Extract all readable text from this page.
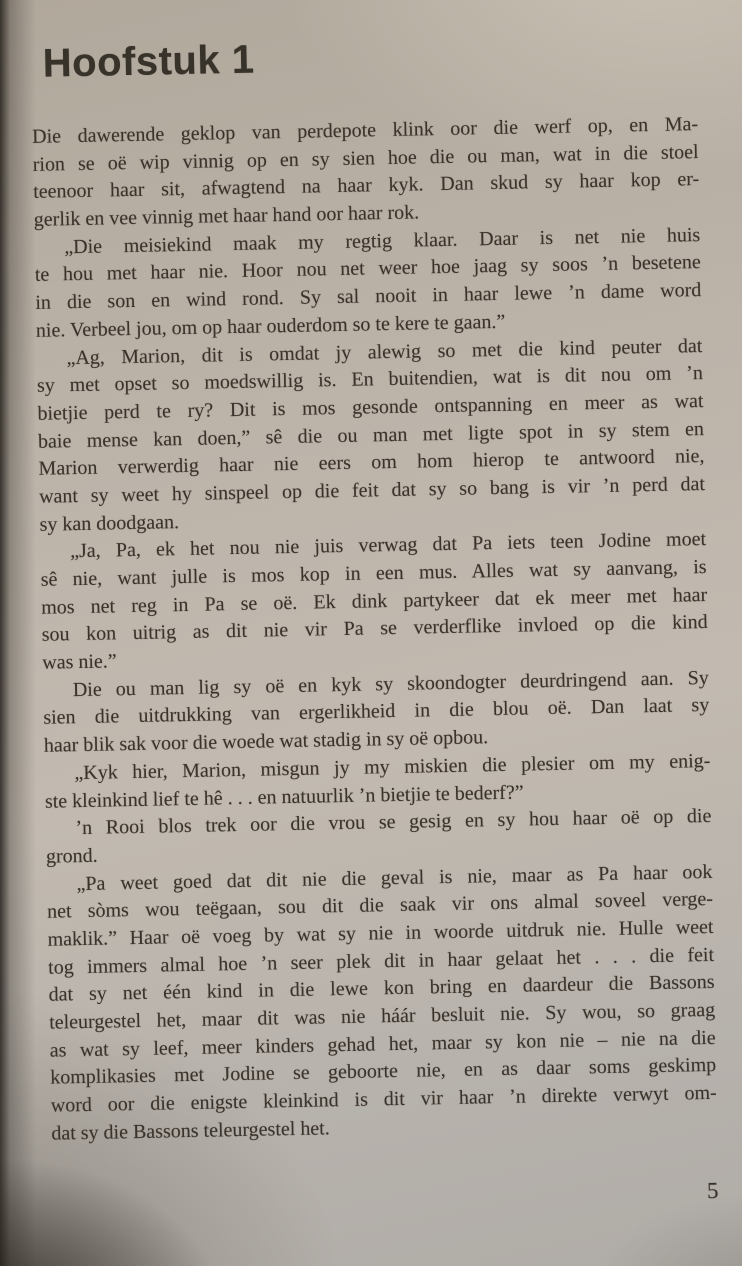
Hoofstuk 1
Die dawerende geklop van perdepote klink oor die werf op, en Ma-
rion se oë wip vinnig op en sy sien hoe die ou man, wat in die stoel
teenoor haar sit, afwagtend na haar kyk. Dan skud sy haar kop er-
gerlik en vee vinnig met haar hand oor haar rok.
„Die meisiekind maak my regtig klaar. Daar is net nie huis
te hou met haar nie. Hoor nou net weer hoe jaag sy soos ’n besetene
in die son en wind rond. Sy sal nooit in haar lewe ’n dame word
nie. Verbeel jou, om op haar ouderdom so te kere te gaan.”
„Ag, Marion, dit is omdat jy alewig so met die kind peuter dat
sy met opset so moedswillig is. En buitendien, wat is dit nou om ’n
bietjie perd te ry? Dit is mos gesonde ontspanning en meer as wat
baie mense kan doen,” sê die ou man met ligte spot in sy stem en
Marion verwerdig haar nie eers om hom hierop te antwoord nie,
want sy weet hy sinspeel op die feit dat sy so bang is vir ’n perd dat
sy kan doodgaan.
„Ja, Pa, ek het nou nie juis verwag dat Pa iets teen Jodine moet
sê nie, want julle is mos kop in een mus. Alles wat sy aanvang, is
mos net reg in Pa se oë. Ek dink partykeer dat ek meer met haar
sou kon uitrig as dit nie vir Pa se verderflike invloed op die kind
was nie.”
Die ou man lig sy oë en kyk sy skoondogter deurdringend aan. Sy
sien die uitdrukking van ergerlikheid in die blou oë. Dan laat sy
haar blik sak voor die woede wat stadig in sy oë opbou.
„Kyk hier, Marion, misgun jy my miskien die plesier om my enig-
ste kleinkind lief te hê . . . en natuurlik ’n bietjie te bederf?”
’n Rooi blos trek oor die vrou se gesig en sy hou haar oë op die
grond.
„Pa weet goed dat dit nie die geval is nie, maar as Pa haar ook
net sòms wou teëgaan, sou dit die saak vir ons almal soveel verge-
maklik.” Haar oë voeg by wat sy nie in woorde uitdruk nie. Hulle weet
tog immers almal hoe ’n seer plek dit in haar gelaat het . . . die feit
dat sy net één kind in die lewe kon bring en daardeur die Bassons
teleurgestel het, maar dit was nie háár besluit nie. Sy wou, so graag
as wat sy leef, meer kinders gehad het, maar sy kon nie – nie na die
komplikasies met Jodine se geboorte nie, en as daar soms geskimp
word oor die enigste kleinkind is dit vir haar ’n direkte verwyt om-
dat sy die Bassons teleurgestel het.
5
